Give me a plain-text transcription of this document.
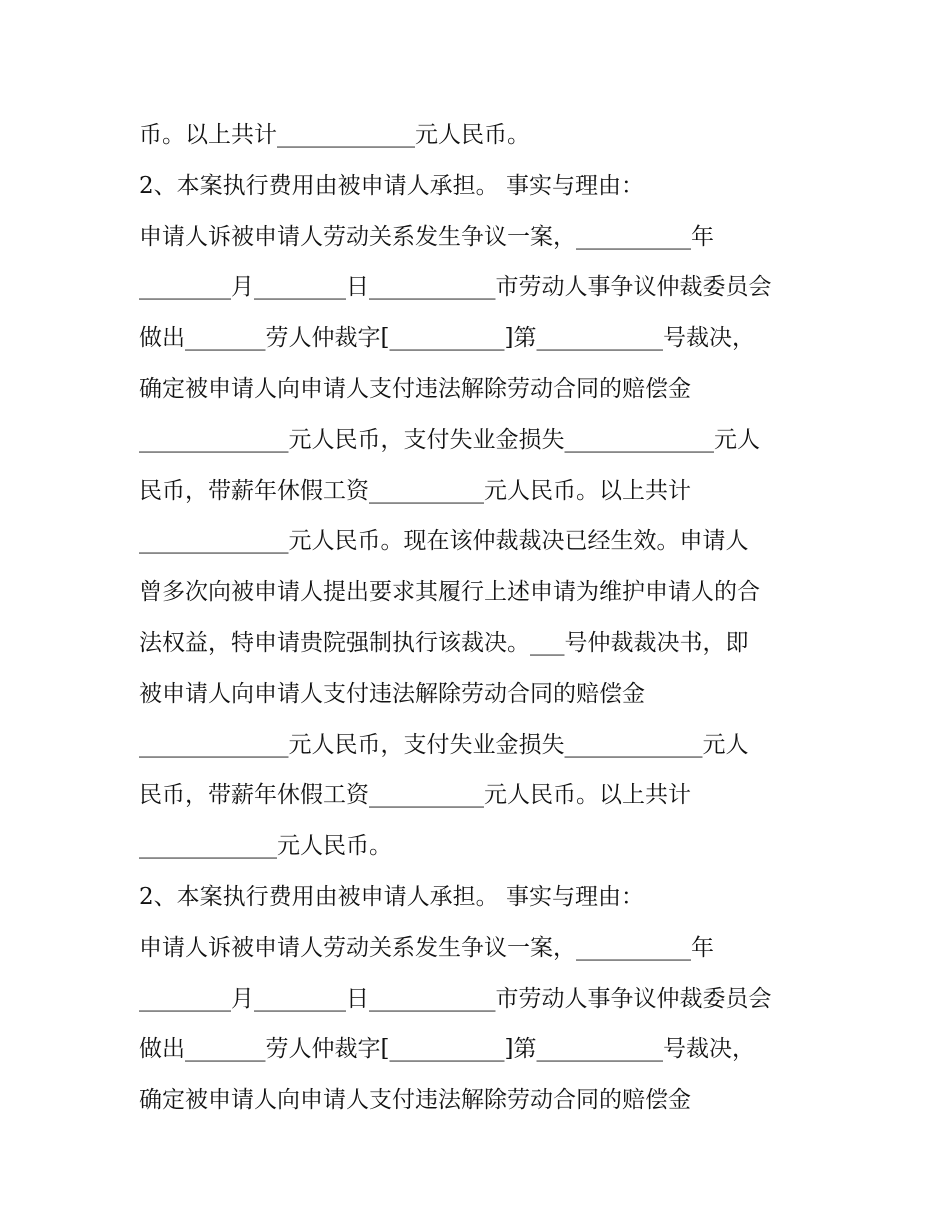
币。以上共计____________元人民币。
2、本案执行费用由被申请人承担。 事实与理由：
申请人诉被申请人劳动关系发生争议一案，__________年
________月________日___________市劳动人事争议仲裁委员会
做出_______劳人仲裁字[__________]第___________号裁决，
确定被申请人向申请人支付违法解除劳动合同的赔偿金
_____________元人民币，支付失业金损失_____________元人
民币，带薪年休假工资__________元人民币。以上共计
_____________元人民币。现在该仲裁裁决已经生效。申请人
曾多次向被申请人提出要求其履行上述申请为维护申请人的合
法权益，特申请贵院强制执行该裁决。___号仲裁裁决书，即
被申请人向申请人支付违法解除劳动合同的赔偿金
_____________元人民币，支付失业金损失____________元人
民币，带薪年休假工资__________元人民币。以上共计
____________元人民币。
2、本案执行费用由被申请人承担。 事实与理由：
申请人诉被申请人劳动关系发生争议一案，__________年
________月________日___________市劳动人事争议仲裁委员会
做出_______劳人仲裁字[__________]第___________号裁决，
确定被申请人向申请人支付违法解除劳动合同的赔偿金
